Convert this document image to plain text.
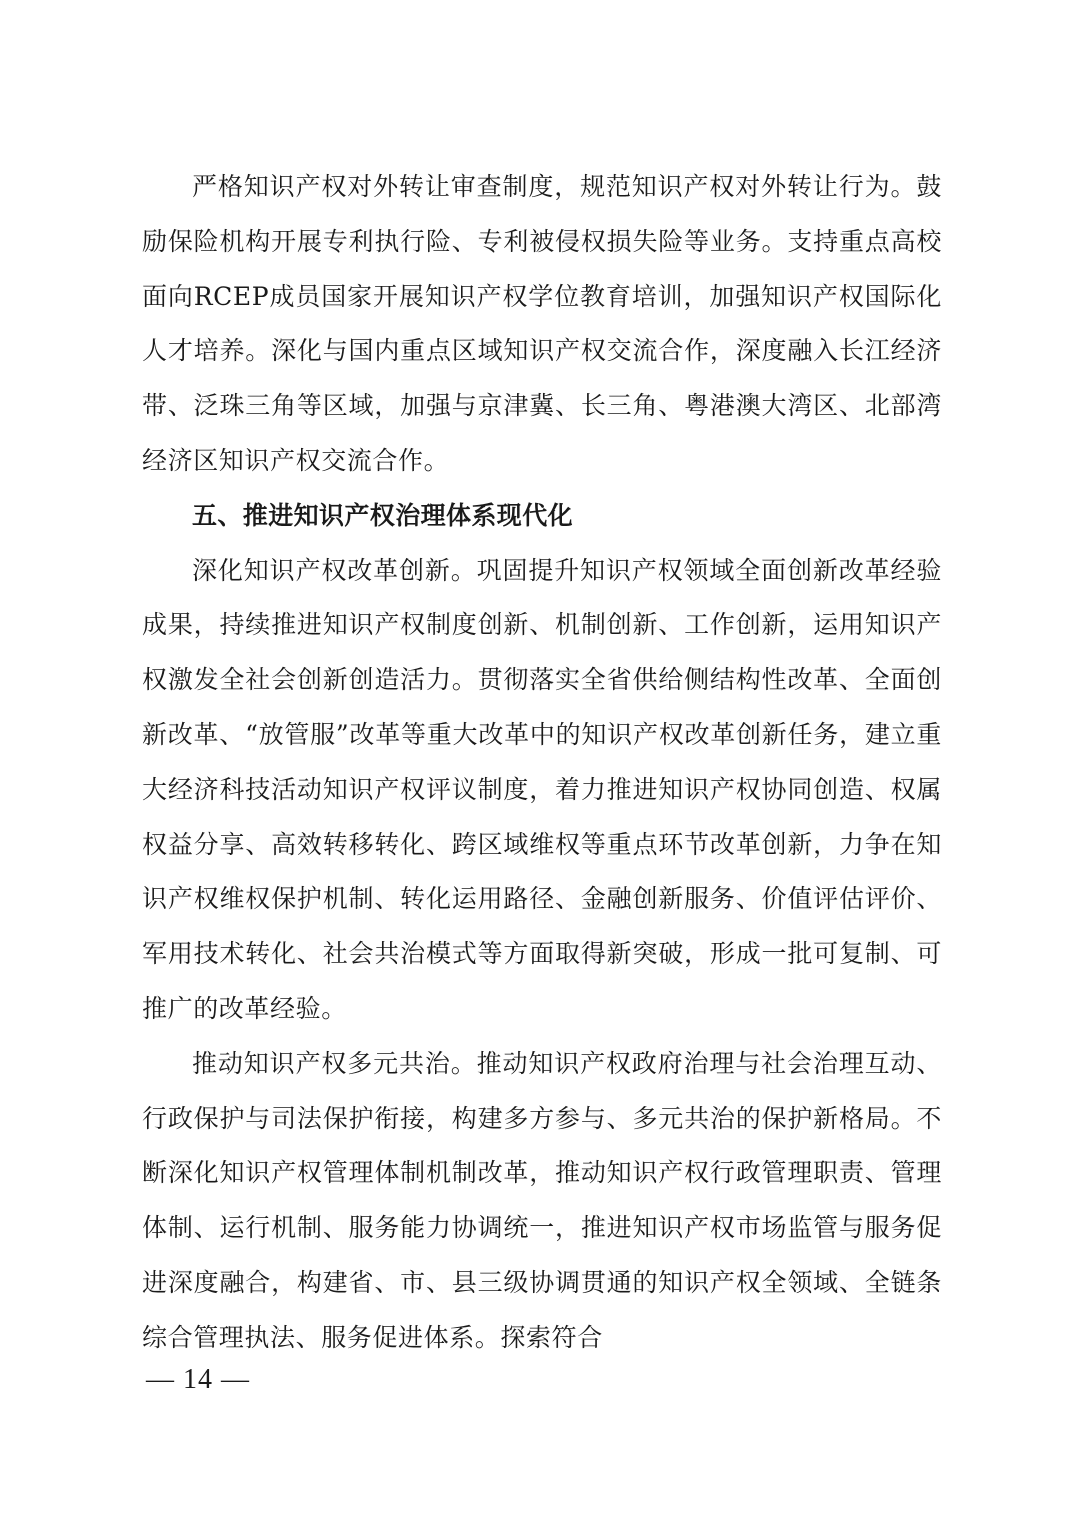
严格知识产权对外转让审查制度，规范知识产权对外转让行为。鼓励保险机构开展专利执行险、专利被侵权损失险等业务。支持重点高校面向RCEP成员国家开展知识产权学位教育培训，加强知识产权国际化人才培养。深化与国内重点区域知识产权交流合作，深度融入长江经济带、泛珠三角等区域，加强与京津冀、长三角、粤港澳大湾区、北部湾经济区知识产权交流合作。

五、推进知识产权治理体系现代化

深化知识产权改革创新。巩固提升知识产权领域全面创新改革经验成果，持续推进知识产权制度创新、机制创新、工作创新，运用知识产权激发全社会创新创造活力。贯彻落实全省供给侧结构性改革、全面创新改革、“放管服”改革等重大改革中的知识产权改革创新任务，建立重大经济科技活动知识产权评议制度，着力推进知识产权协同创造、权属权益分享、高效转移转化、跨区域维权等重点环节改革创新，力争在知识产权维权保护机制、转化运用路径、金融创新服务、价值评估评价、军用技术转化、社会共治模式等方面取得新突破，形成一批可复制、可推广的改革经验。

推动知识产权多元共治。推动知识产权政府治理与社会治理互动、行政保护与司法保护衔接，构建多方参与、多元共治的保护新格局。不断深化知识产权管理体制机制改革，推动知识产权行政管理职责、管理体制、运行机制、服务能力协调统一，推进知识产权市场监管与服务促进深度融合，构建省、市、县三级协调贯通的知识产权全领域、全链条综合管理执法、服务促进体系。探索符合

— 14 —
